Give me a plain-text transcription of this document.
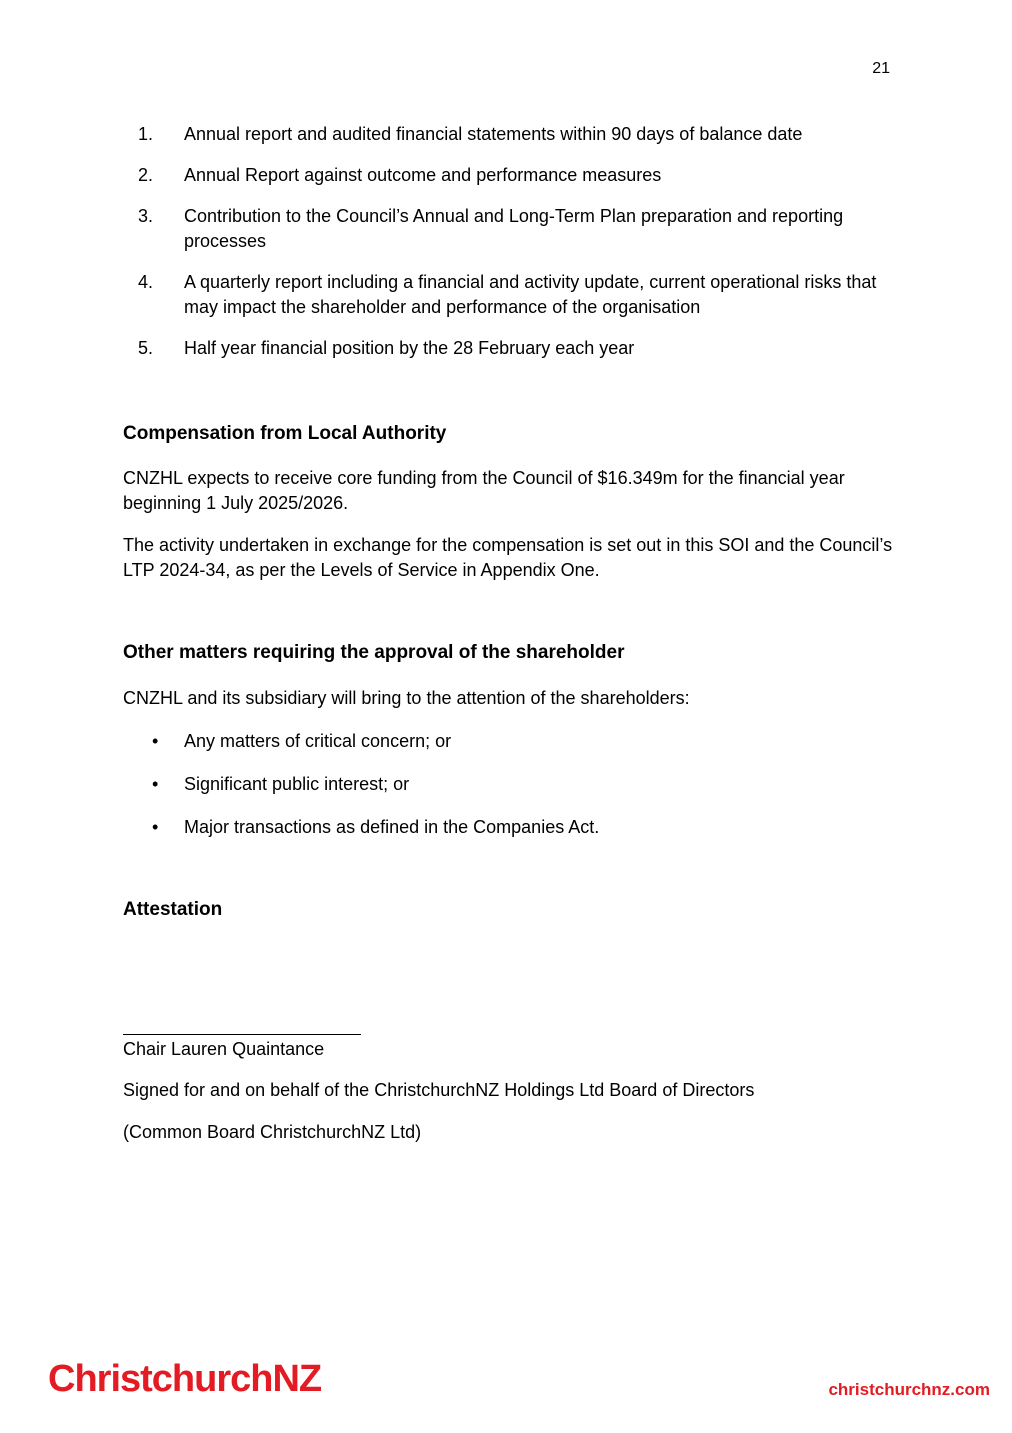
21
1.	Annual report and audited financial statements within 90 days of balance date
2.	Annual Report against outcome and performance measures
3.	Contribution to the Council’s Annual and Long-Term Plan preparation and reporting processes
4.	A quarterly report including a financial and activity update, current operational risks that may impact the shareholder and performance of the organisation
5.	Half year financial position by the 28 February each year
Compensation from Local Authority

CNZHL expects to receive core funding from the Council of $16.349m for the financial year beginning 1 July 2025/2026.

The activity undertaken in exchange for the compensation is set out in this SOI and the Council’s LTP 2024-34, as per the Levels of Service in Appendix One.

Other matters requiring the approval of the shareholder

CNZHL and its subsidiary will bring to the attention of the shareholders:

•	Any matters of critical concern; or
•	Significant public interest; or
•	Major transactions as defined in the Companies Act.
Attestation

Chair Lauren Quaintance

Signed for and on behalf of the ChristchurchNZ Holdings Ltd Board of Directors

(Common Board ChristchurchNZ Ltd)

ChristchurchNZ	christchurchnz.com
